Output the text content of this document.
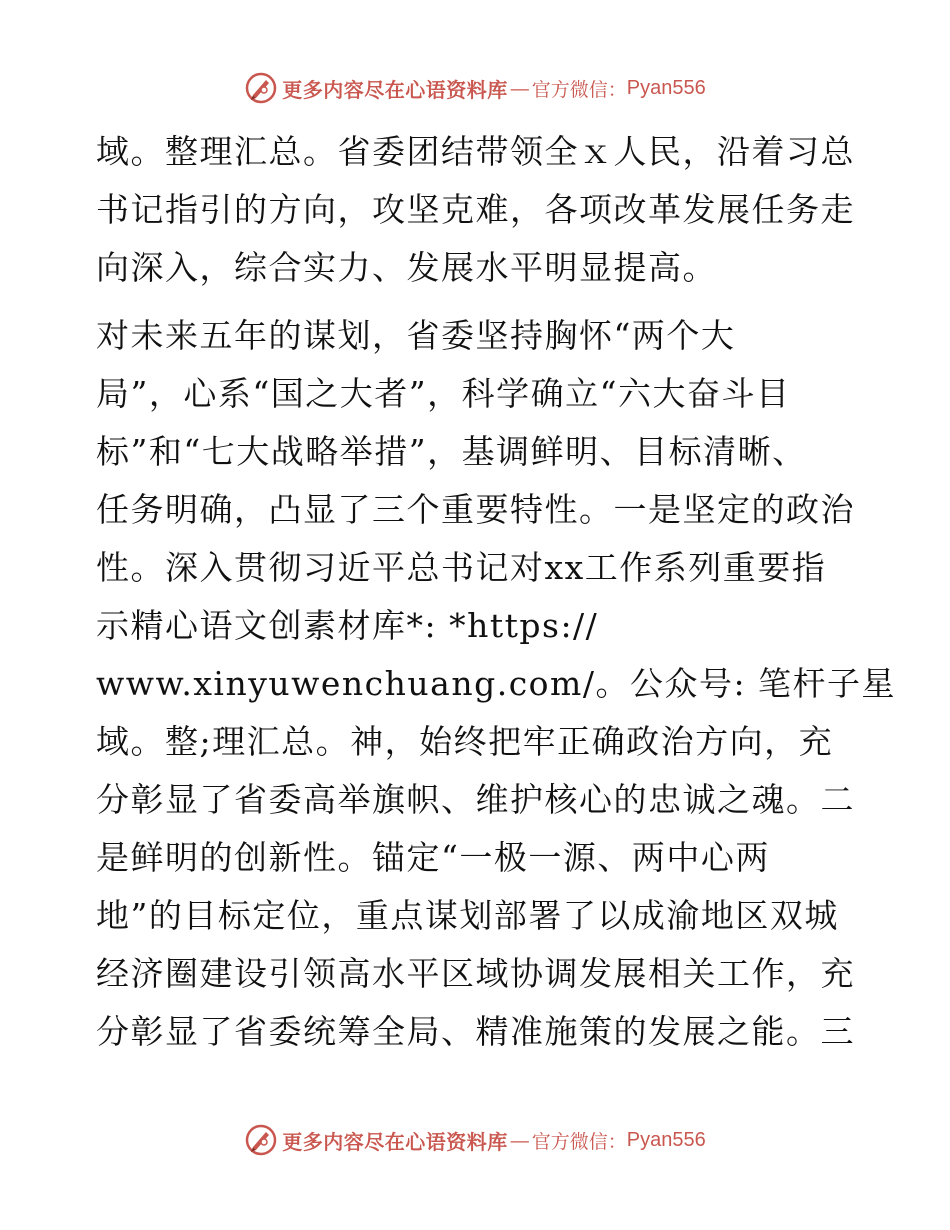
更多内容尽在心语资料库 — 官方微信： Pyan556
域。整理汇总。省委团结带领全ｘ人民，沿着习总
书记指引的方向，攻坚克难，各项改革发展任务走
向深入，综合实力、发展水平明显提高。
对未来五年的谋划，省委坚持胸怀“两个大
局”，心系“国之大者”，科学确立“六大奋斗目
标”和“七大战略举措”，基调鲜明、目标清晰、
任务明确，凸显了三个重要特性。一是坚定的政治
性。深入贯彻习近平总书记对xx工作系列重要指
示精心语文创素材库*: *https://
www.xinyuwenchuang.com/。公众号: 笔杆子星
域。整;理汇总。神，始终把牢正确政治方向，充
分彰显了省委高举旗帜、维护核心的忠诚之魂。二
是鲜明的创新性。锚定“一极一源、两中心两
地”的目标定位，重点谋划部署了以成渝地区双城
经济圈建设引领高水平区域协调发展相关工作，充
分彰显了省委统筹全局、精准施策的发展之能。三
更多内容尽在心语资料库 — 官方微信： Pyan556
